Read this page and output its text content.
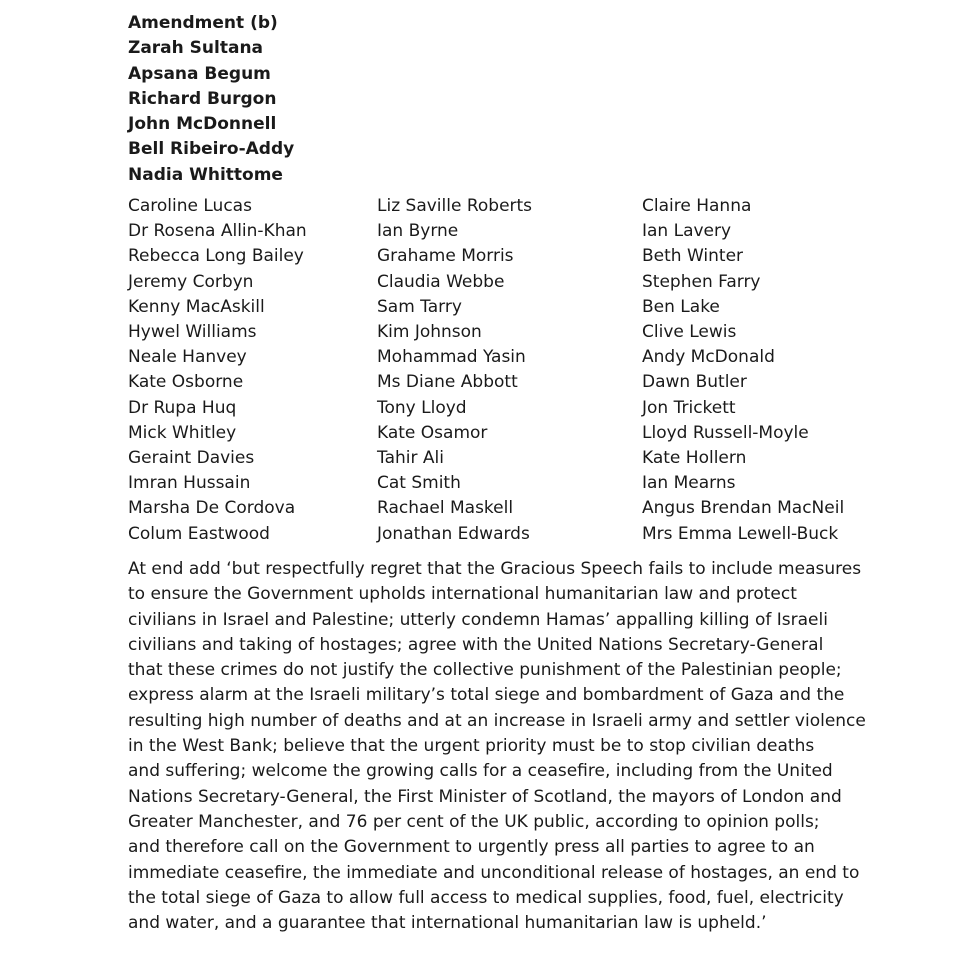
Amendment (b)
Zarah Sultana
Apsana Begum
Richard Burgon
John McDonnell
Bell Ribeiro-Addy
Nadia Whittome
Caroline Lucas
Dr Rosena Allin-Khan
Rebecca Long Bailey
Jeremy Corbyn
Kenny MacAskill
Hywel Williams
Neale Hanvey
Kate Osborne
Dr Rupa Huq
Mick Whitley
Geraint Davies
Imran Hussain
Marsha De Cordova
Colum Eastwood
Liz Saville Roberts
Ian Byrne
Grahame Morris
Claudia Webbe
Sam Tarry
Kim Johnson
Mohammad Yasin
Ms Diane Abbott
Tony Lloyd
Kate Osamor
Tahir Ali
Cat Smith
Rachael Maskell
Jonathan Edwards
Claire Hanna
Ian Lavery
Beth Winter
Stephen Farry
Ben Lake
Clive Lewis
Andy McDonald
Dawn Butler
Jon Trickett
Lloyd Russell-Moyle
Kate Hollern
Ian Mearns
Angus Brendan MacNeil
Mrs Emma Lewell-Buck
At end add ‘but respectfully regret that the Gracious Speech fails to include measures
to ensure the Government upholds international humanitarian law and protect
civilians in Israel and Palestine; utterly condemn Hamas’ appalling killing of Israeli
civilians and taking of hostages; agree with the United Nations Secretary-General
that these crimes do not justify the collective punishment of the Palestinian people;
express alarm at the Israeli military’s total siege and bombardment of Gaza and the
resulting high number of deaths and at an increase in Israeli army and settler violence
in the West Bank; believe that the urgent priority must be to stop civilian deaths
and suffering; welcome the growing calls for a ceasefire, including from the United
Nations Secretary-General, the First Minister of Scotland, the mayors of London and
Greater Manchester, and 76 per cent of the UK public, according to opinion polls;
and therefore call on the Government to urgently press all parties to agree to an
immediate ceasefire, the immediate and unconditional release of hostages, an end to
the total siege of Gaza to allow full access to medical supplies, food, fuel, electricity
and water, and a guarantee that international humanitarian law is upheld.’
